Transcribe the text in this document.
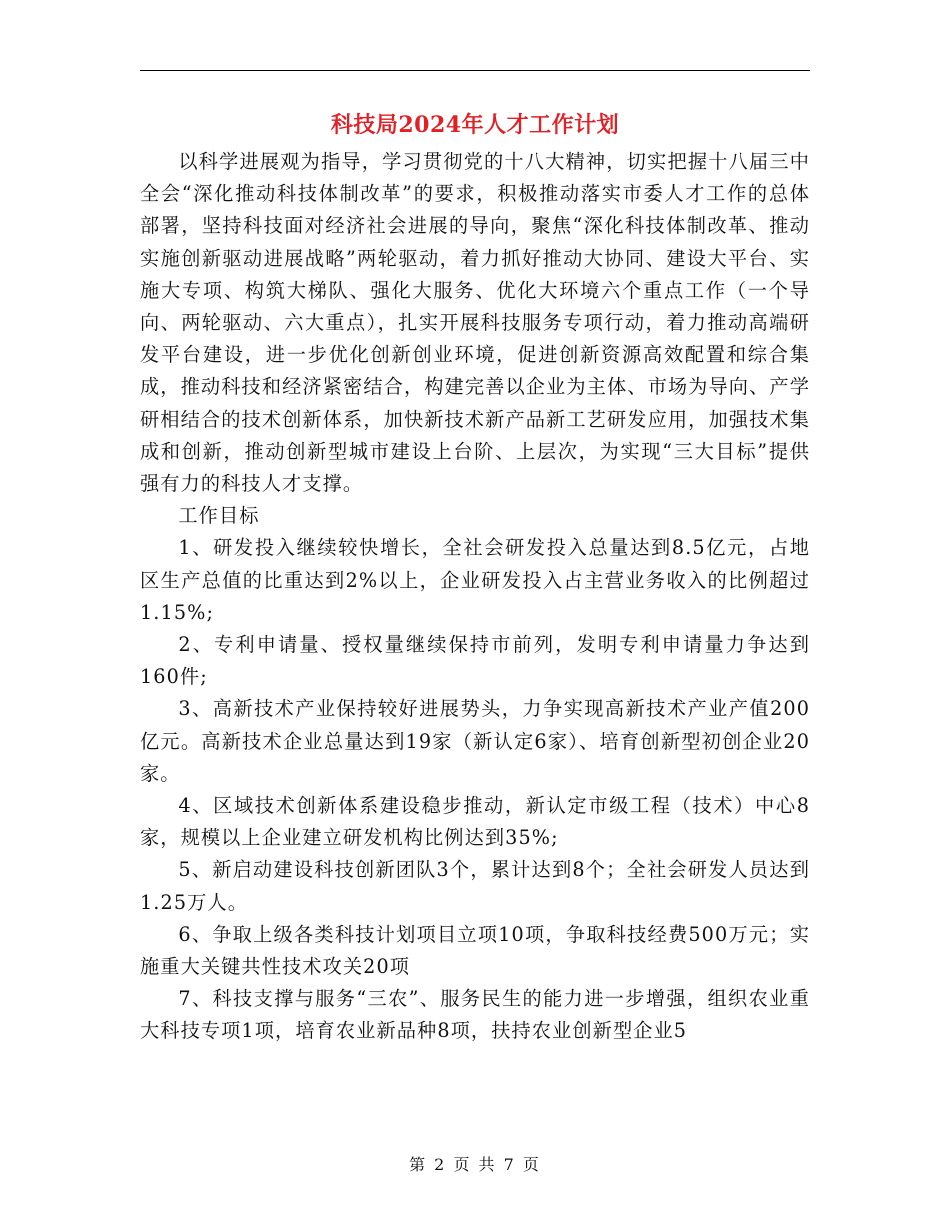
科技局2024年人才工作计划

以科学进展观为指导，学习贯彻党的十八大精神，切实把握十八届三中全会“深化推动科技体制改革”的要求，积极推动落实市委人才工作的总体部署，坚持科技面对经济社会进展的导向，聚焦“深化科技体制改革、推动实施创新驱动进展战略”两轮驱动，着力抓好推动大协同、建设大平台、实施大专项、构筑大梯队、强化大服务、优化大环境六个重点工作（一个导向、两轮驱动、六大重点），扎实开展科技服务专项行动，着力推动高端研发平台建设，进一步优化创新创业环境，促进创新资源高效配置和综合集成，推动科技和经济紧密结合，构建完善以企业为主体、市场为导向、产学研相结合的技术创新体系，加快新技术新产品新工艺研发应用，加强技术集成和创新，推动创新型城市建设上台阶、上层次，为实现“三大目标”提供强有力的科技人才支撑。

工作目标

1、研发投入继续较快增长，全社会研发投入总量达到8.5亿元，占地区生产总值的比重达到2%以上，企业研发投入占主营业务收入的比例超过1.15%;

2、专利申请量、授权量继续保持市前列，发明专利申请量力争达到160件;

3、高新技术产业保持较好进展势头，力争实现高新技术产业产值200亿元。高新技术企业总量达到19家（新认定6家）、培育创新型初创企业20家。

4、区域技术创新体系建设稳步推动，新认定市级工程（技术）中心8家，规模以上企业建立研发机构比例达到35%;

5、新启动建设科技创新团队3个，累计达到8个；全社会研发人员达到1.25万人。

6、争取上级各类科技计划项目立项10项，争取科技经费500万元；实施重大关键共性技术攻关20项

7、科技支撑与服务“三农”、服务民生的能力进一步增强，组织农业重大科技专项1项，培育农业新品种8项，扶持农业创新型企业5

第 2 页 共 7 页
